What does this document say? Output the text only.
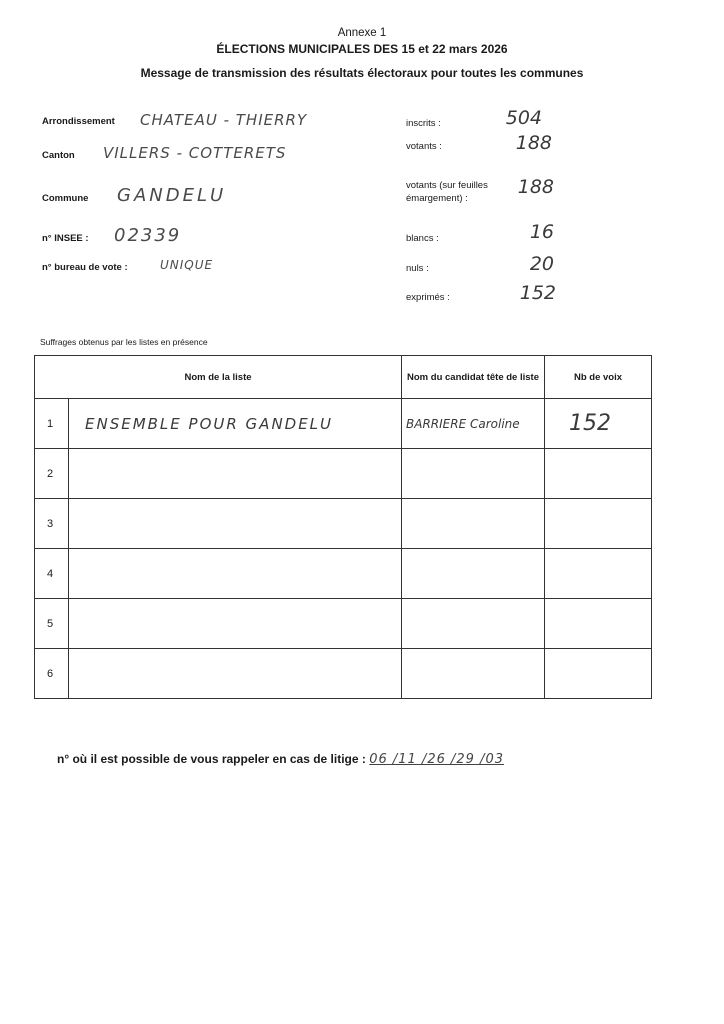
Annexe 1
ÉLECTIONS MUNICIPALES DES 15 et 22 mars 2026
Message de transmission des résultats électoraux pour toutes les communes
Arrondissement CHATEAU - THIERRY
Canton VILLERS - COTTERETS
Commune GANDELU
n° INSEE : 02339
n° bureau de vote :	UNIQUE
inscrits :	504
votants :	188
votants (sur feuilles émargement) :
188
blancs :	16
nuls :	20
exprimés :	152
Suffrages obtenus par les listes en présence
Nom de la liste		Nom du candidat tête de liste	Nb de voix
1	ENSEMBLE POUR GANDELU	BARRIERE Caroline	152
2			
3			
4			
5			
6			
n° où il est possible de vous rappeler en cas de litige : 06 /11 /26 /29 /03
